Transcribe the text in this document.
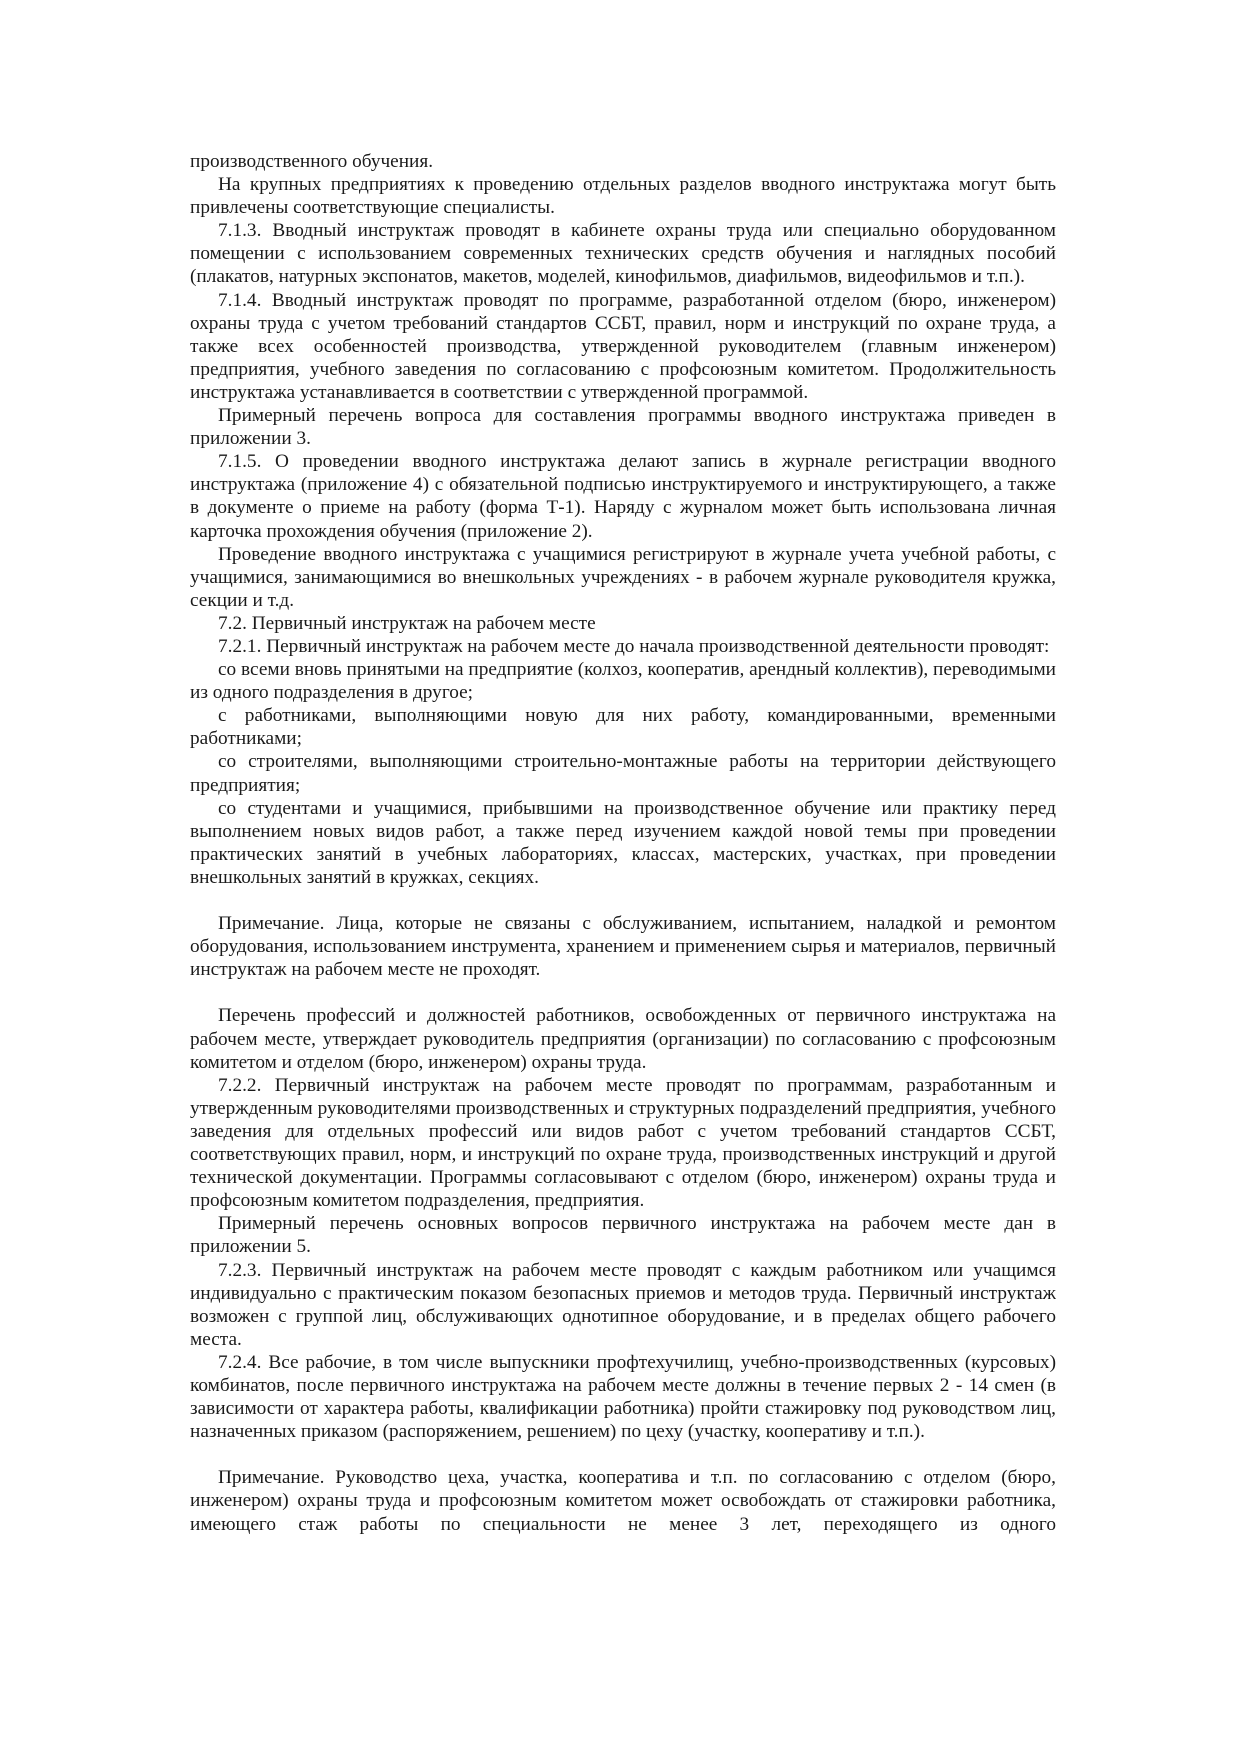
производственного обучения.

На крупных предприятиях к проведению отдельных разделов вводного инструктажа могут быть привлечены соответствующие специалисты.

7.1.3. Вводный инструктаж проводят в кабинете охраны труда или специально оборудованном помещении с использованием современных технических средств обучения и наглядных пособий (плакатов, натурных экспонатов, макетов, моделей, кинофильмов, диафильмов, видеофильмов и т.п.).

7.1.4. Вводный инструктаж проводят по программе, разработанной отделом (бюро, инженером) охраны труда с учетом требований стандартов ССБТ, правил, норм и инструкций по охране труда, а также всех особенностей производства, утвержденной руководителем (главным инженером) предприятия, учебного заведения по согласованию с профсоюзным комитетом. Продолжительность инструктажа устанавливается в соответствии с утвержденной программой.

Примерный перечень вопроса для составления программы вводного инструктажа приведен в приложении 3.

7.1.5. О проведении вводного инструктажа делают запись в журнале регистрации вводного инструктажа (приложение 4) с обязательной подписью инструктируемого и инструктирующего, а также в документе о приеме на работу (форма Т-1). Наряду с журналом может быть использована личная карточка прохождения обучения (приложение 2).

Проведение вводного инструктажа с учащимися регистрируют в журнале учета учебной работы, с учащимися, занимающимися во внешкольных учреждениях - в рабочем журнале руководителя кружка, секции и т.д.

7.2. Первичный инструктаж на рабочем месте

7.2.1. Первичный инструктаж на рабочем месте до начала производственной деятельности проводят:

со всеми вновь принятыми на предприятие (колхоз, кооператив, арендный коллектив), переводимыми из одного подразделения в другое;

с работниками, выполняющими новую для них работу, командированными, временными работниками;

со строителями, выполняющими строительно-монтажные работы на территории действующего предприятия;

со студентами и учащимися, прибывшими на производственное обучение или практику перед выполнением новых видов работ, а также перед изучением каждой новой темы при проведении практических занятий в учебных лабораториях, классах, мастерских, участках, при проведении внешкольных занятий в кружках, секциях.

Примечание. Лица, которые не связаны с обслуживанием, испытанием, наладкой и ремонтом оборудования, использованием инструмента, хранением и применением сырья и материалов, первичный инструктаж на рабочем месте не проходят.

Перечень профессий и должностей работников, освобожденных от первичного инструктажа на рабочем месте, утверждает руководитель предприятия (организации) по согласованию с профсоюзным комитетом и отделом (бюро, инженером) охраны труда.

7.2.2. Первичный инструктаж на рабочем месте проводят по программам, разработанным и утвержденным руководителями производственных и структурных подразделений предприятия, учебного заведения для отдельных профессий или видов работ с учетом требований стандартов ССБТ, соответствующих правил, норм, и инструкций по охране труда, производственных инструкций и другой технической документации. Программы согласовывают с отделом (бюро, инженером) охраны труда и профсоюзным комитетом подразделения, предприятия.

Примерный перечень основных вопросов первичного инструктажа на рабочем месте дан в приложении 5.

7.2.3. Первичный инструктаж на рабочем месте проводят с каждым работником или учащимся индивидуально с практическим показом безопасных приемов и методов труда. Первичный инструктаж возможен с группой лиц, обслуживающих однотипное оборудование, и в пределах общего рабочего места.

7.2.4. Все рабочие, в том числе выпускники профтехучилищ, учебно-производственных (курсовых) комбинатов, после первичного инструктажа на рабочем месте должны в течение первых 2 - 14 смен (в зависимости от характера работы, квалификации работника) пройти стажировку под руководством лиц, назначенных приказом (распоряжением, решением) по цеху (участку, кооперативу и т.п.).

Примечание. Руководство цеха, участка, кооператива и т.п. по согласованию с отделом (бюро, инженером) охраны труда и профсоюзным комитетом может освобождать от стажировки работника, имеющего стаж работы по специальности не менее 3 лет, переходящего из одного
